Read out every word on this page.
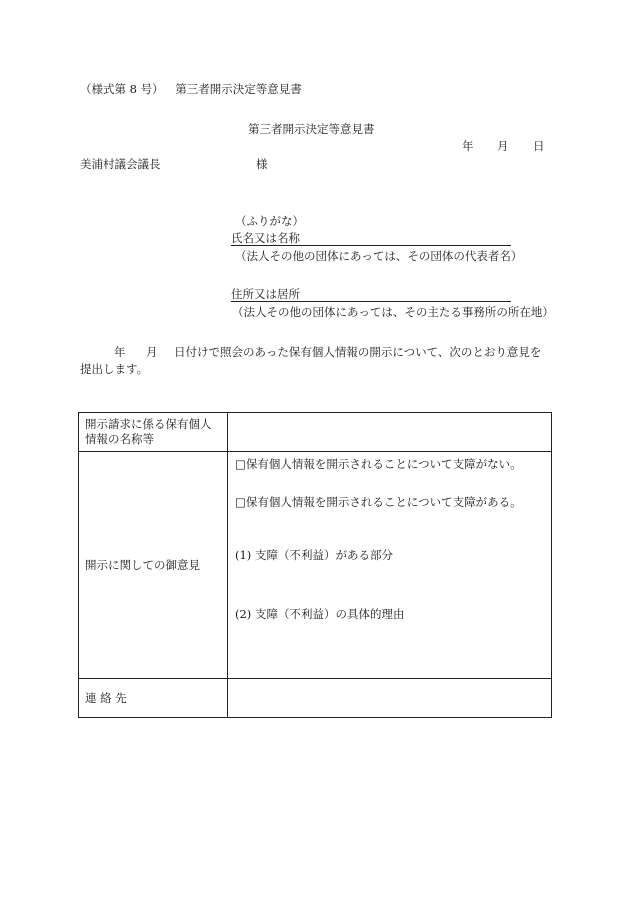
（様式第 8 号） 第三者開示決定等意見書
第三者開示決定等意見書
年 月 日
美浦村議会議長	様
（ふりがな）
氏名又は名称
（法人その他の団体にあっては、その団体の代表者名）
住所又は居所
（法人その他の団体にあっては、その主たる事務所の所在地）
年 月 日付けで照会のあった保有個人情報の開示について、次のとおり意見を
提出します。
開示請求に係る保有個人情報の名称等	

開示に関しての御意見	□保有個人情報を開示されることについて支障がない。
□保有個人情報を開示されることについて支障がある。
(1) 支障（不利益）がある部分
(2) 支障（不利益）の具体的理由

連 絡 先	
